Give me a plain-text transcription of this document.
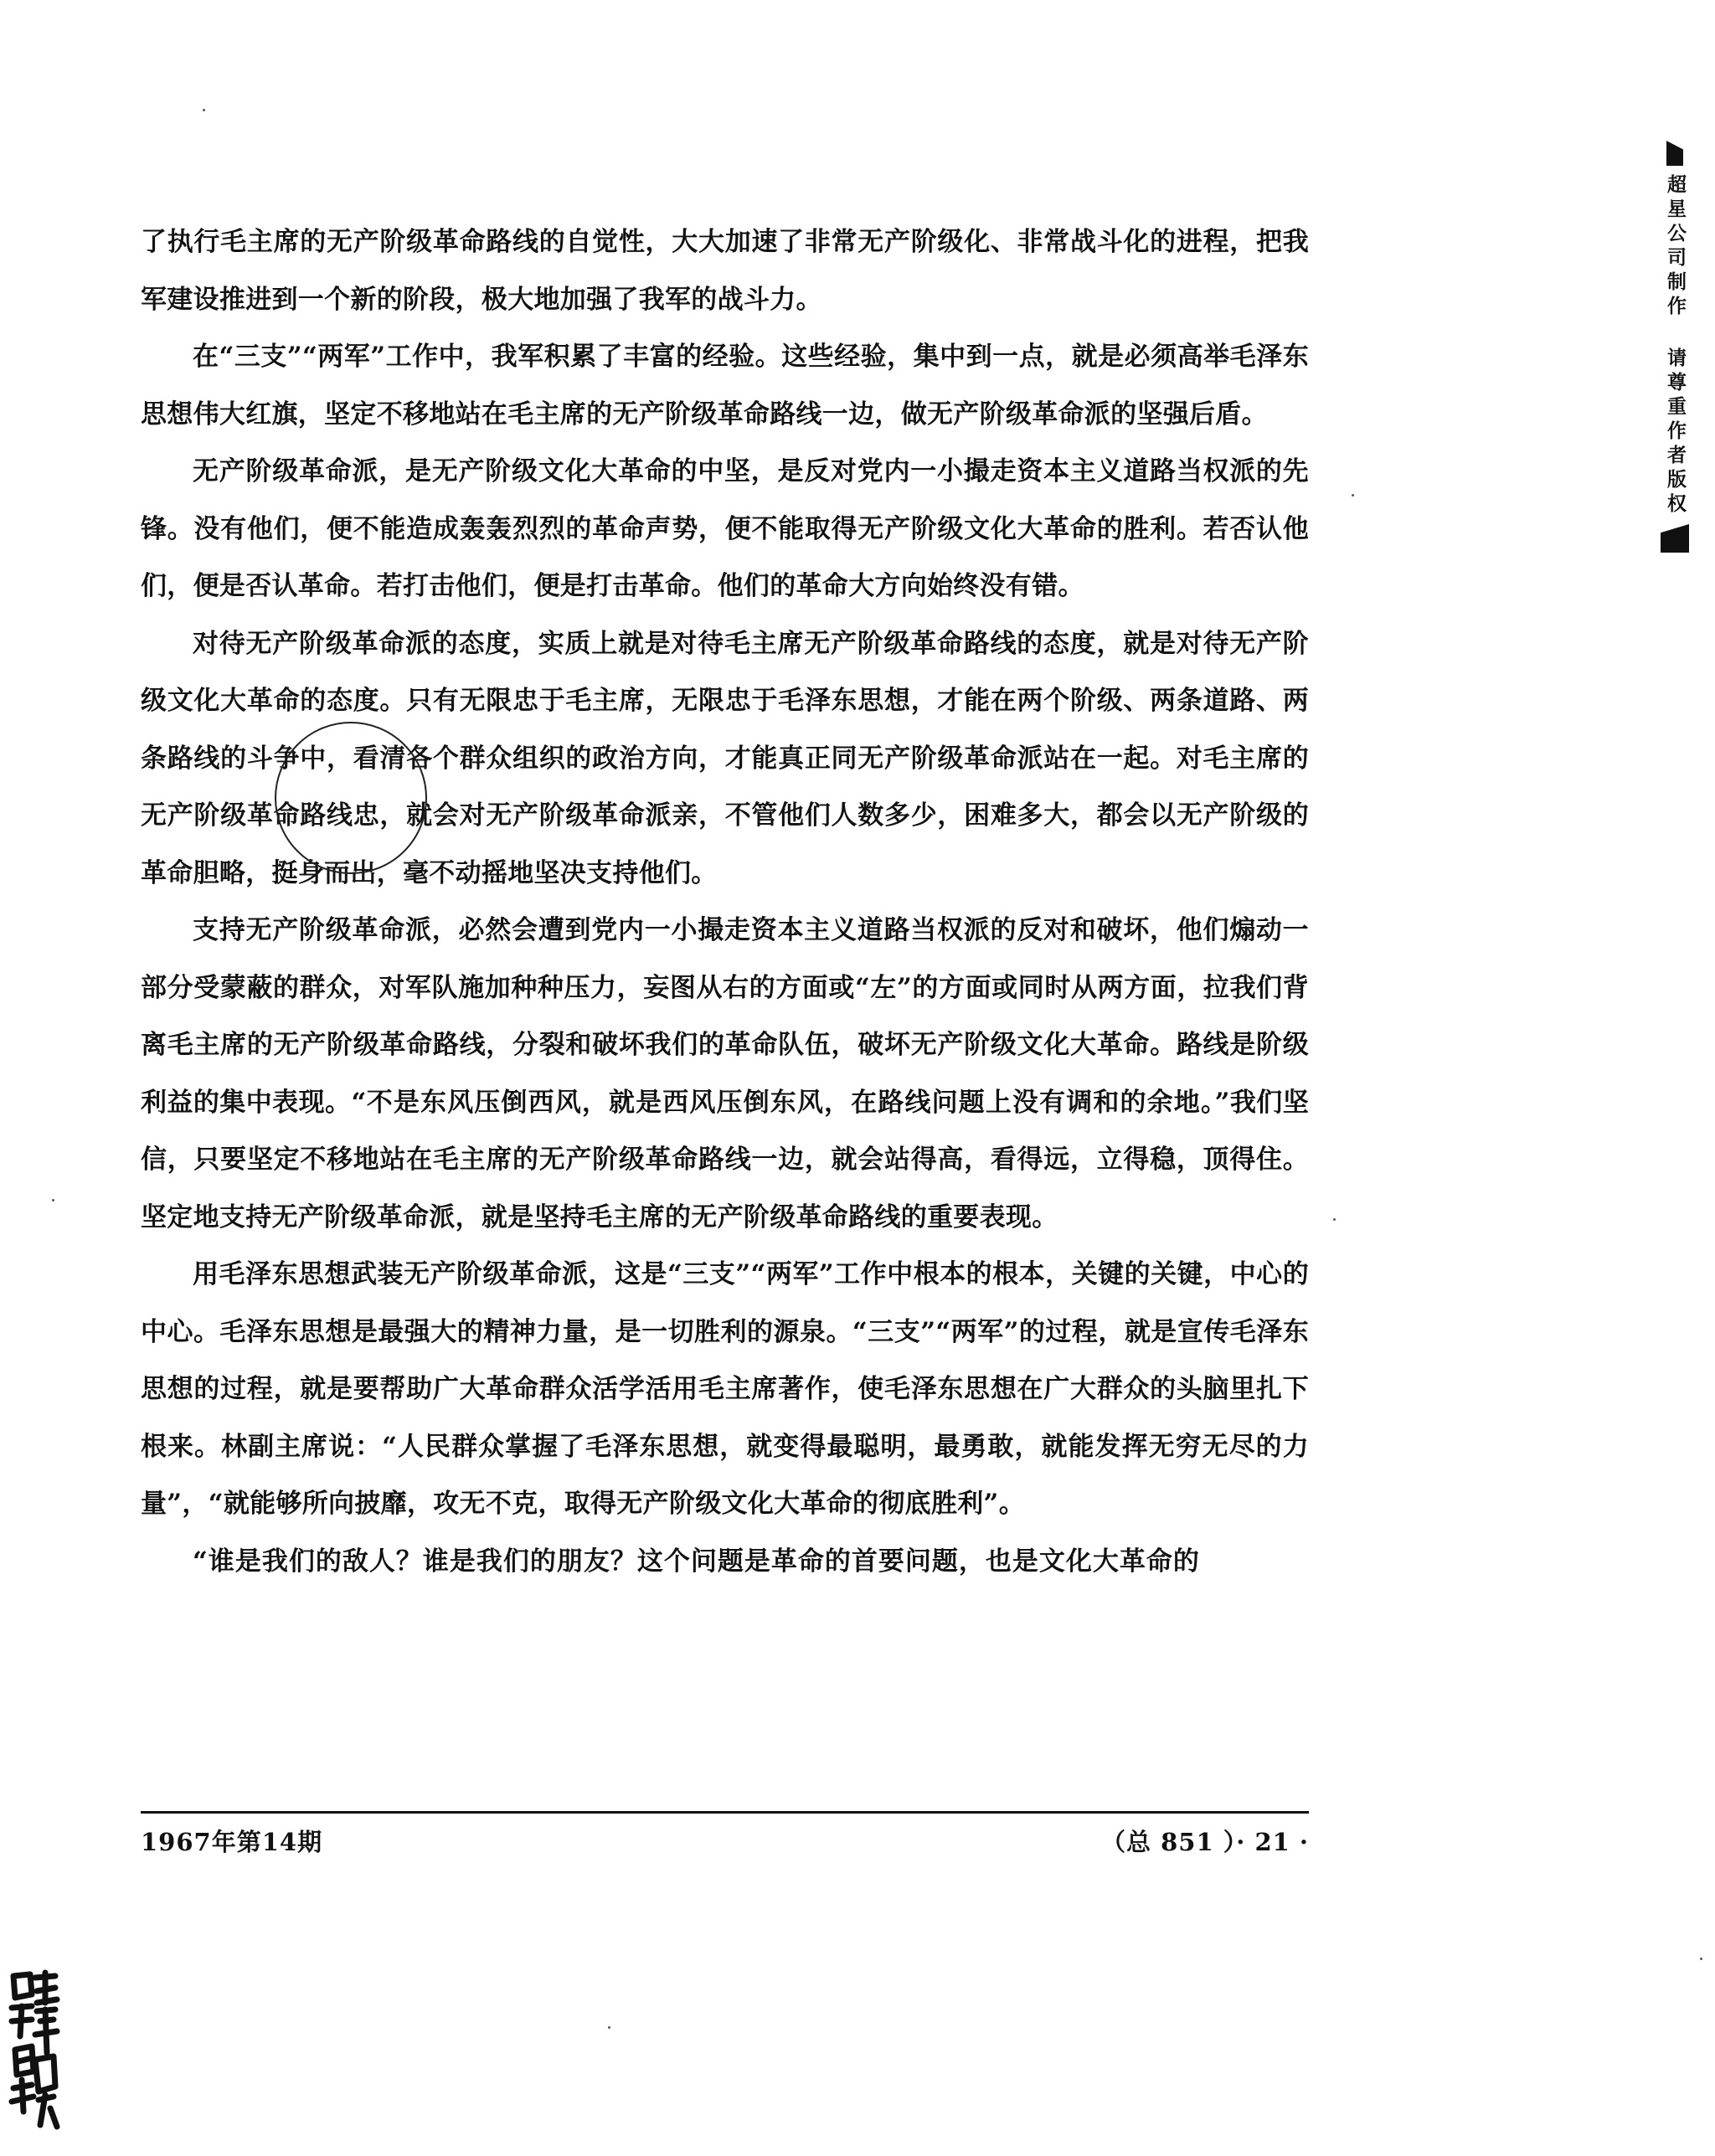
了执行毛主席的无产阶级革命路线的自觉性，大大加速了非常无产阶级化、非常战斗化的进程，把我军建设推进到一个新的阶段，极大地加强了我军的战斗力。

在“三支”“两军”工作中，我军积累了丰富的经验。这些经验，集中到一点，就是必须高举毛泽东思想伟大红旗，坚定不移地站在毛主席的无产阶级革命路线一边，做无产阶级革命派的坚强后盾。

无产阶级革命派，是无产阶级文化大革命的中坚，是反对党内一小撮走资本主义道路当权派的先锋。没有他们，便不能造成轰轰烈烈的革命声势，便不能取得无产阶级文化大革命的胜利。若否认他们，便是否认革命。若打击他们，便是打击革命。他们的革命大方向始终没有错。

对待无产阶级革命派的态度，实质上就是对待毛主席无产阶级革命路线的态度，就是对待无产阶级文化大革命的态度。只有无限忠于毛主席，无限忠于毛泽东思想，才能在两个阶级、两条道路、两条路线的斗争中，看清各个群众组织的政治方向，才能真正同无产阶级革命派站在一起。对毛主席的无产阶级革命路线忠，就会对无产阶级革命派亲，不管他们人数多少，困难多大，都会以无产阶级的革命胆略，挺身而出，毫不动摇地坚决支持他们。

支持无产阶级革命派，必然会遭到党内一小撮走资本主义道路当权派的反对和破坏，他们煽动一部分受蒙蔽的群众，对军队施加种种压力，妄图从右的方面或“左”的方面或同时从两方面，拉我们背离毛主席的无产阶级革命路线，分裂和破坏我们的革命队伍，破坏无产阶级文化大革命。路线是阶级利益的集中表现。“不是东风压倒西风，就是西风压倒东风，在路线问题上没有调和的余地。”我们坚信，只要坚定不移地站在毛主席的无产阶级革命路线一边，就会站得高，看得远，立得稳，顶得住。坚定地支持无产阶级革命派，就是坚持毛主席的无产阶级革命路线的重要表现。

用毛泽东思想武装无产阶级革命派，这是“三支”“两军”工作中根本的根本，关键的关键，中心的中心。毛泽东思想是最强大的精神力量，是一切胜利的源泉。“三支”“两军”的过程，就是宣传毛泽东思想的过程，就是要帮助广大革命群众活学活用毛主席著作，使毛泽东思想在广大群众的头脑里扎下根来。林副主席说：“人民群众掌握了毛泽东思想，就变得最聪明，最勇敢，就能发挥无穷无尽的力量”，“就能够所向披靡，攻无不克，取得无产阶级文化大革命的彻底胜利”。

“谁是我们的敌人？谁是我们的朋友？这个问题是革命的首要问题，也是文化大革命的

1967年第14期	（总 851 ）· 21 ·
超星公司制作 请尊重作者版权
